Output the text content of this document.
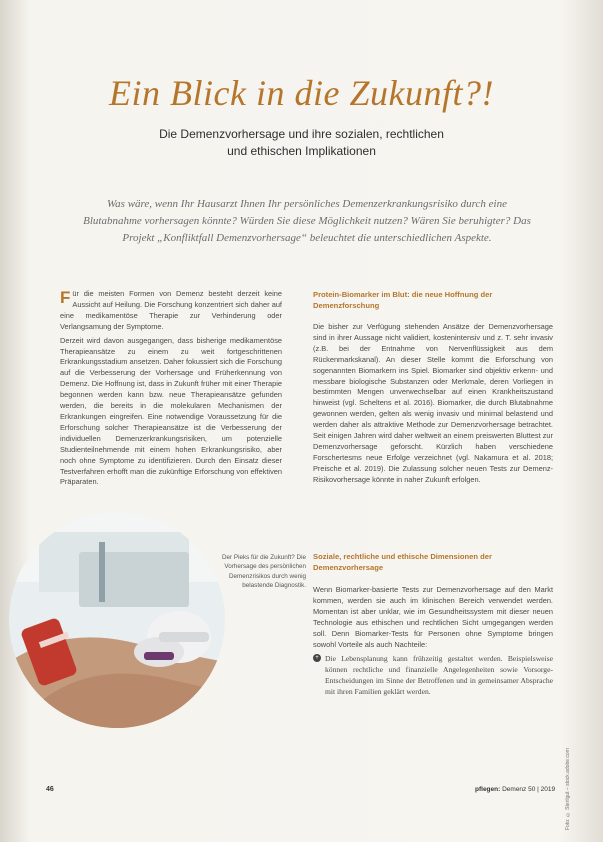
Ein Blick in die Zukunft?!
Die Demenzvorhersage und ihre sozialen, rechtlichen
und ethischen Implikationen
Was wäre, wenn Ihr Hausarzt Ihnen Ihr persönliches Demenzerkrankungsrisiko durch eine Blutabnahme vorhersagen könnte? Würden Sie diese Möglichkeit nutzen? Wären Sie beruhigter? Das Projekt „Konfliktfall Demenzvorhersage“ beleuchtet die unterschiedlichen Aspekte.

Für die meisten Formen von Demenz besteht derzeit keine Aussicht auf Heilung. Die Forschung konzentriert sich daher auf eine medikamentöse Therapie zur Verhinderung oder Verlangsamung der Symptome.

Derzeit wird davon ausgegangen, dass bisherige medikamentöse Therapieansätze zu einem zu weit fortgeschrittenen Erkrankungsstadium ansetzen. Daher fokussiert sich die Forschung auf die Verbesserung der Vorhersage und Früherkennung von Demenz. Die Hoffnung ist, dass in Zukunft früher mit einer Therapie begonnen werden kann bzw. neue Therapieansätze gefunden werden, die bereits in die molekularen Mechanismen der Erkrankungen eingreifen. Eine notwendige Voraussetzung für die Erforschung solcher Therapieansätze ist die Verbesserung der individuellen Demenzerkrankungsrisiken, um potenzielle Studienteilnehmende mit einem hohen Erkrankungsrisiko, aber noch ohne Symptome zu identifizieren. Durch den Einsatz dieser Testverfahren erhofft man die zukünftige Erforschung von effektiven Präparaten.

Der Pieks für die Zukunft? Die Vorhersage des persönlichen Demenzrisikos durch wenig belastende Diagnostik.
Protein-Biomarker im Blut: die neue Hoffnung der Demenzforschung

Die bisher zur Verfügung stehenden Ansätze der Demenzvorhersage sind in ihrer Aussage nicht validiert, kostenintensiv und z. T. sehr invasiv (z.B. bei der Entnahme von Nervenflüssigkeit aus dem Rückenmarkskanal). An dieser Stelle kommt die Erforschung von sogenannten Biomarkern ins Spiel. Biomarker sind objektiv erkenn- und messbare biologische Substanzen oder Merkmale, deren Vorliegen in bestimmten Mengen unverwechselbar auf einen Krankheitszustand hinweist (vgl. Scheltens et al. 2016). Biomarker, die durch Blutabnahme gewonnen werden, gelten als wenig invasiv und minimal belastend und werden daher als attraktive Methode zur Demenzvorhersage betrachtet. Seit einigen Jahren wird daher weltweit an einem preiswerten Bluttest zur Demenzvorhersage geforscht. Kürzlich haben verschiedene Forschertesms neue Erfolge verzeichnet (vgl. Nakamura et al. 2018; Preische et al. 2019). Die Zulassung solcher neuen Tests zur Demenz-Risikovorhersage könnte in naher Zukunft erfolgen.

Soziale, rechtliche und ethische Dimensionen der Demenzvorhersage

Wenn Biomarker-basierte Tests zur Demenzvorhersage auf den Markt kommen, werden sie auch im klinischen Bereich verwendet werden. Momentan ist aber unklar, wie im Gesundheitssystem mit dieser neuen Technologie aus ethischen und rechtlichen Sicht umgegangen werden soll. Denn Biomarker-Tests für Personen ohne Symptome bringen sowohl Vorteile als auch Nachteile:

+ Die Lebensplanung kann frühzeitig gestaltet werden. Beispielsweise können rechtliche und finanzielle Angelegenheiten sowie Vorsorge-Entscheidungen im Sinne der Betroffenen und in gemeinsamer Absprache mit ihren Familien geklärt werden.
Foto: © Sterilgut – stock.adobe.com
46	pflegen: Demenz 50 | 2019
